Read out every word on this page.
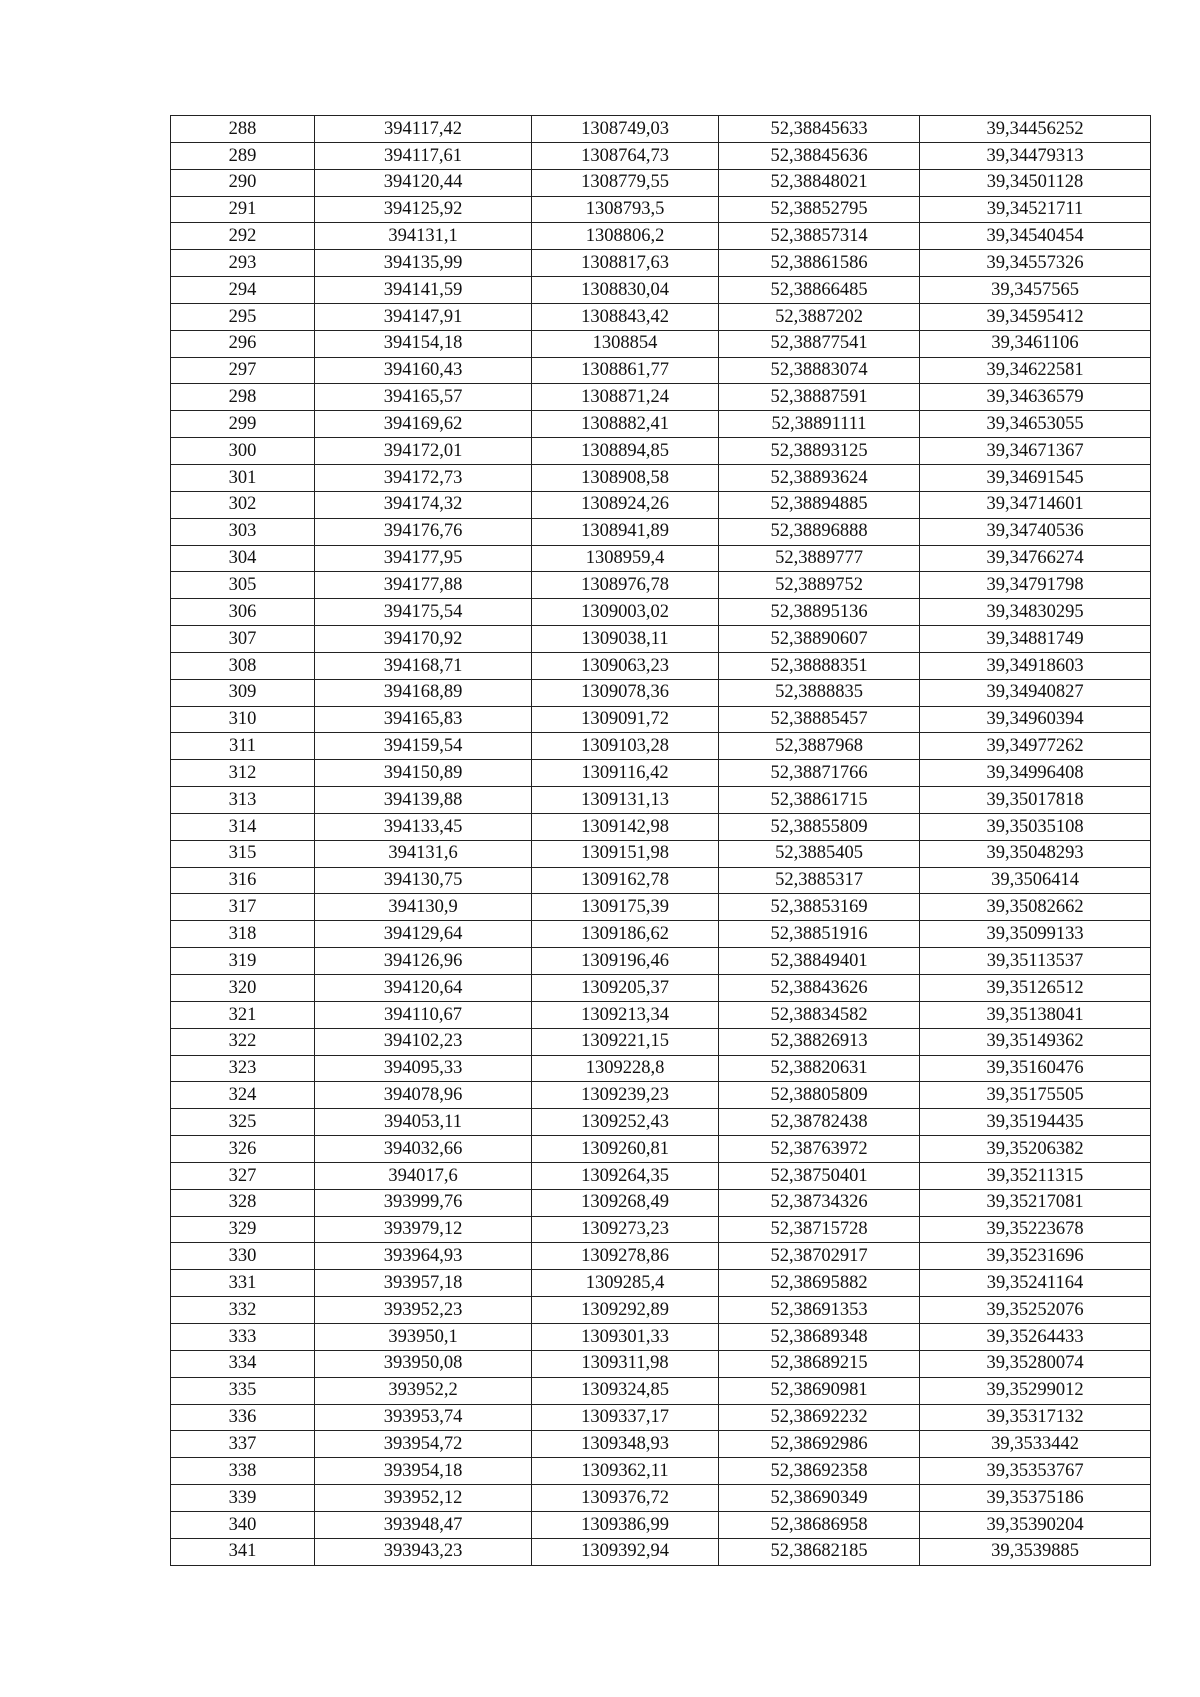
288	394117,42	1308749,03	52,38845633	39,34456252
289	394117,61	1308764,73	52,38845636	39,34479313
290	394120,44	1308779,55	52,38848021	39,34501128
291	394125,92	1308793,5	52,38852795	39,34521711
292	394131,1	1308806,2	52,38857314	39,34540454
293	394135,99	1308817,63	52,38861586	39,34557326
294	394141,59	1308830,04	52,38866485	39,3457565
295	394147,91	1308843,42	52,3887202	39,34595412
296	394154,18	1308854	52,38877541	39,3461106
297	394160,43	1308861,77	52,38883074	39,34622581
298	394165,57	1308871,24	52,38887591	39,34636579
299	394169,62	1308882,41	52,38891111	39,34653055
300	394172,01	1308894,85	52,38893125	39,34671367
301	394172,73	1308908,58	52,38893624	39,34691545
302	394174,32	1308924,26	52,38894885	39,34714601
303	394176,76	1308941,89	52,38896888	39,34740536
304	394177,95	1308959,4	52,3889777	39,34766274
305	394177,88	1308976,78	52,3889752	39,34791798
306	394175,54	1309003,02	52,38895136	39,34830295
307	394170,92	1309038,11	52,38890607	39,34881749
308	394168,71	1309063,23	52,38888351	39,34918603
309	394168,89	1309078,36	52,3888835	39,34940827
310	394165,83	1309091,72	52,38885457	39,34960394
311	394159,54	1309103,28	52,3887968	39,34977262
312	394150,89	1309116,42	52,38871766	39,34996408
313	394139,88	1309131,13	52,38861715	39,35017818
314	394133,45	1309142,98	52,38855809	39,35035108
315	394131,6	1309151,98	52,3885405	39,35048293
316	394130,75	1309162,78	52,3885317	39,3506414
317	394130,9	1309175,39	52,38853169	39,35082662
318	394129,64	1309186,62	52,38851916	39,35099133
319	394126,96	1309196,46	52,38849401	39,35113537
320	394120,64	1309205,37	52,38843626	39,35126512
321	394110,67	1309213,34	52,38834582	39,35138041
322	394102,23	1309221,15	52,38826913	39,35149362
323	394095,33	1309228,8	52,38820631	39,35160476
324	394078,96	1309239,23	52,38805809	39,35175505
325	394053,11	1309252,43	52,38782438	39,35194435
326	394032,66	1309260,81	52,38763972	39,35206382
327	394017,6	1309264,35	52,38750401	39,35211315
328	393999,76	1309268,49	52,38734326	39,35217081
329	393979,12	1309273,23	52,38715728	39,35223678
330	393964,93	1309278,86	52,38702917	39,35231696
331	393957,18	1309285,4	52,38695882	39,35241164
332	393952,23	1309292,89	52,38691353	39,35252076
333	393950,1	1309301,33	52,38689348	39,35264433
334	393950,08	1309311,98	52,38689215	39,35280074
335	393952,2	1309324,85	52,38690981	39,35299012
336	393953,74	1309337,17	52,38692232	39,35317132
337	393954,72	1309348,93	52,38692986	39,3533442
338	393954,18	1309362,11	52,38692358	39,35353767
339	393952,12	1309376,72	52,38690349	39,35375186
340	393948,47	1309386,99	52,38686958	39,35390204
341	393943,23	1309392,94	52,38682185	39,3539885
